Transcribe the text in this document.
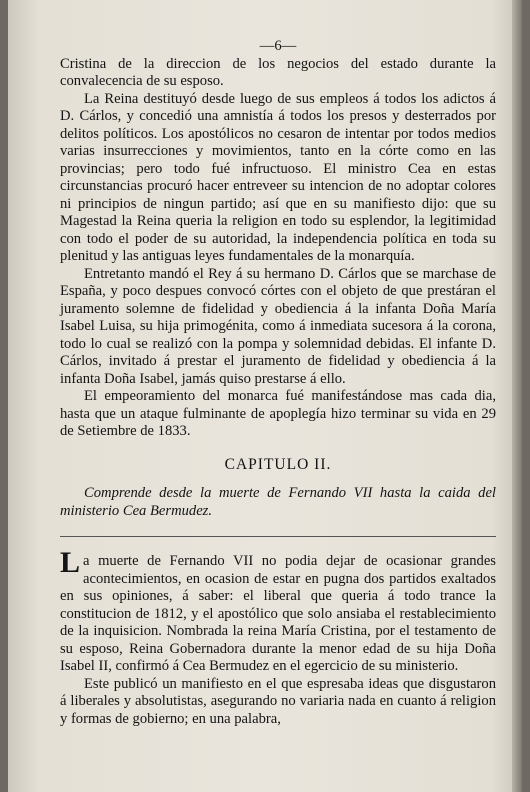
—6—

Cristina de la direccion de los negocios del estado durante la convalecencia de su esposo.

La Reina destituyó desde luego de sus empleos á todos los adictos á D. Cárlos, y concedió una amnistía á todos los presos y desterrados por delitos políticos. Los apostólicos no cesaron de intentar por todos medios varias insurrecciones y movimientos, tanto en la córte como en las provincias; pero todo fué infructuoso. El ministro Cea en estas circunstancias procuró hacer entreveer su intencion de no adoptar colores ni principios de ningun partido; así que en su manifiesto dijo: que su Magestad la Reina queria la religion en todo su esplendor, la legitimidad con todo el poder de su autoridad, la independencia política en toda su plenitud y las antiguas leyes fundamentales de la monarquía.

Entretanto mandó el Rey á su hermano D. Cárlos que se marchase de España, y poco despues convocó córtes con el objeto de que prestáran el juramento solemne de fidelidad y obediencia á la infanta Doña María Isabel Luisa, su hija primogénita, como á inmediata sucesora á la corona, todo lo cual se realizó con la pompa y solemnidad debidas. El infante D. Cárlos, invitado á prestar el juramento de fidelidad y obediencia á la infanta Doña Isabel, jamás quiso prestarse á ello.

El empeoramiento del monarca fué manifestándose mas cada dia, hasta que un ataque fulminante de apoplegía hizo terminar su vida en 29 de Setiembre de 1833.

CAPITULO II.
Comprende desde la muerte de Fernando VII hasta la caida del ministerio Cea Bermudez.

La muerte de Fernando VII no podia dejar de ocasionar grandes acontecimientos, en ocasion de estar en pugna dos partidos exaltados en sus opiniones, á saber: el liberal que queria á todo trance la constitucion de 1812, y el apostólico que solo ansiaba el restablecimiento de la inquisicion. Nombrada la reina María Cristina, por el testamento de su esposo, Reina Gobernadora durante la menor edad de su hija Doña Isabel II, confirmó á Cea Bermudez en el egercicio de su ministerio.

Este publicó un manifiesto en el que espresaba ideas que disgustaron á liberales y absolutistas, asegurando no variaria nada en cuanto á religion y formas de gobierno; en una palabra,
